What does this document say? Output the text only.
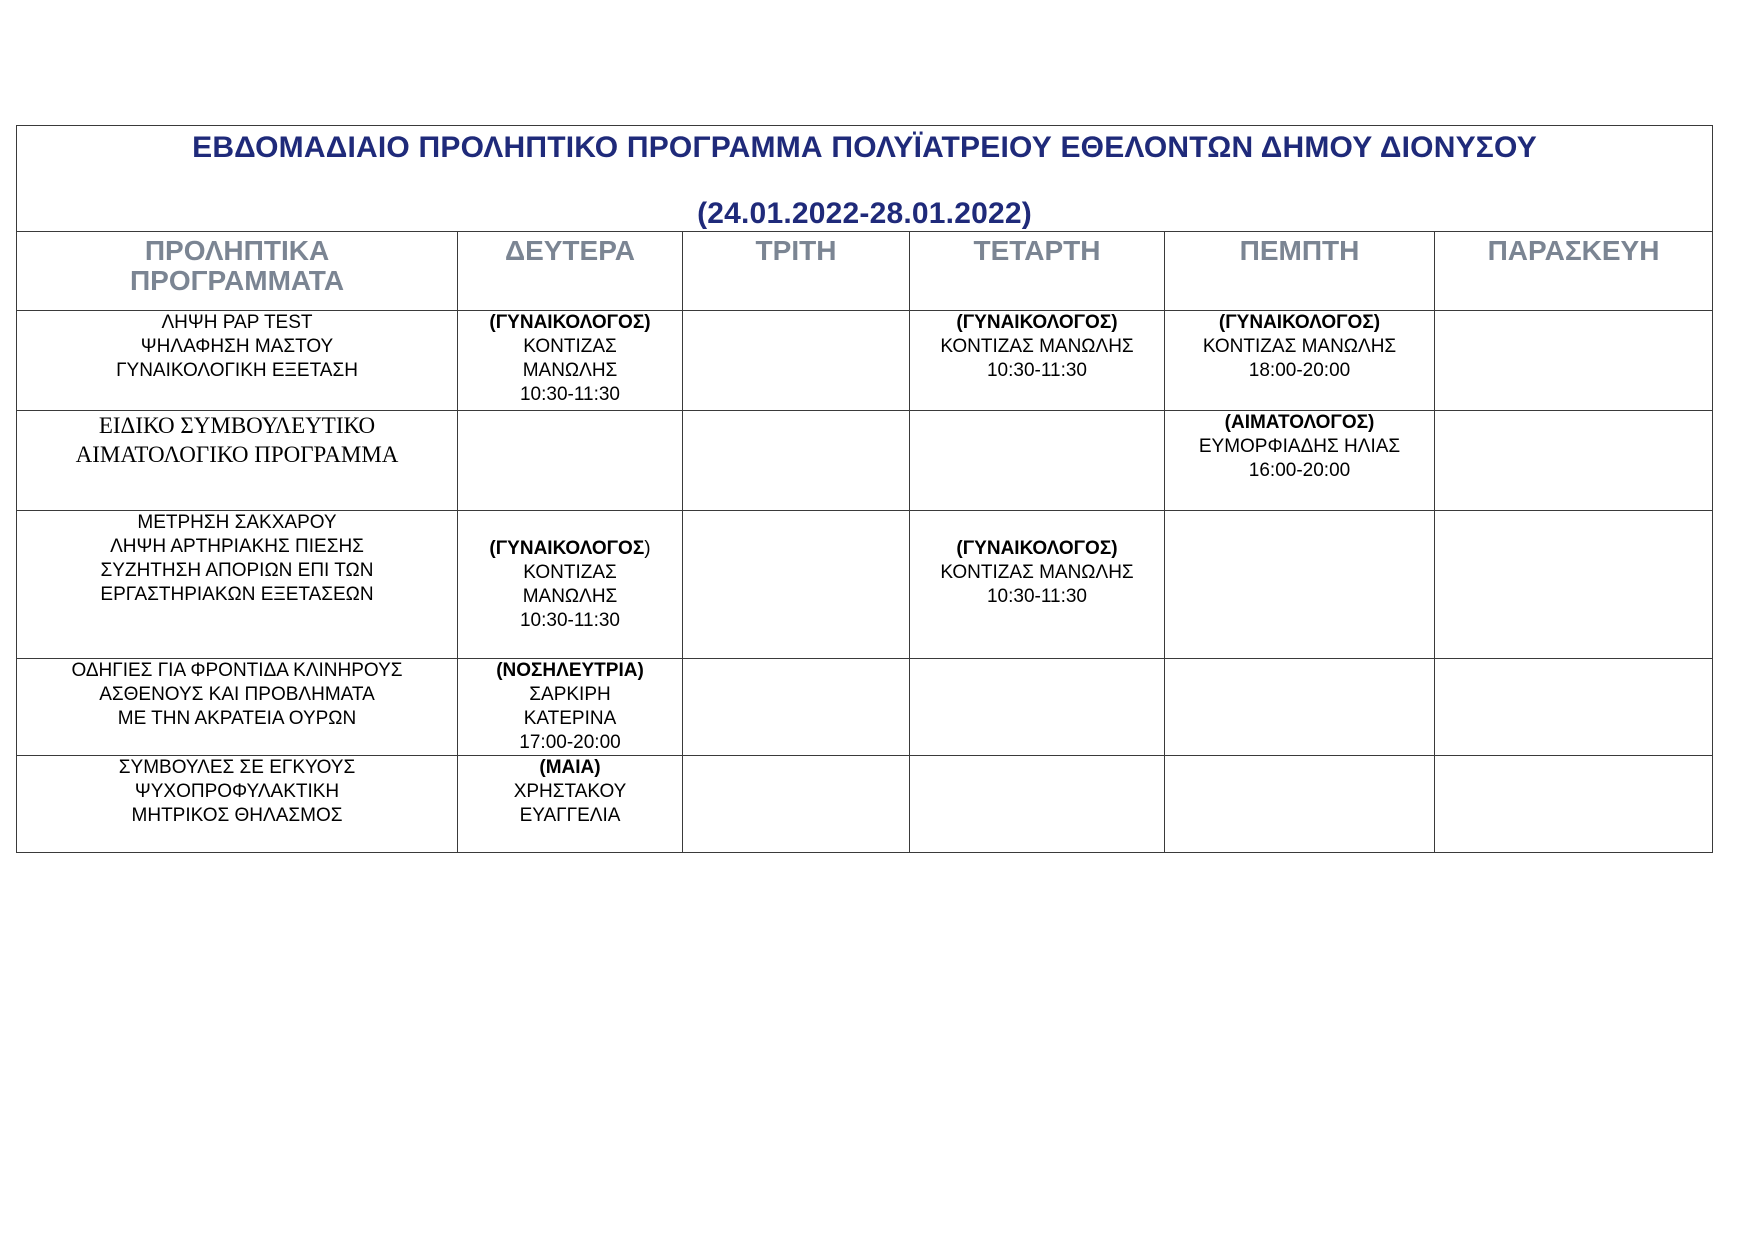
ΕΒΔΟΜΑΔΙΑΙΟ ΠΡΟΛΗΠΤΙΚΟ ΠΡΟΓΡΑΜΜΑ ΠΟΛΥΪΑΤΡΕΙΟΥ ΕΘΕΛΟΝΤΩΝ ΔΗΜΟΥ ΔΙΟΝΥΣΟΥ
(24.01.2022-28.01.2022)					

ΠΡΟΛΗΠΤΙΚΑ
ΠΡΟΓΡΑΜΜΑΤΑ	ΔΕΥΤΕΡΑ	ΤΡΙΤΗ	ΤΕΤΑΡΤΗ	ΠΕΜΠΤΗ	ΠΑΡΑΣΚΕΥΗ

ΛΗΨΗ PAP TEST
ΨΗΛΑΦΗΣΗ ΜΑΣΤΟΥ
ΓΥΝΑΙΚΟΛΟΓΙΚΗ ΕΞΕΤΑΣΗ	(ΓΥΝΑΙΚΟΛΟΓΟΣ)
ΚΟΝΤΙΖΑΣ
ΜΑΝΩΛΗΣ
10:30-11:30		(ΓΥΝΑΙΚΟΛΟΓΟΣ)
ΚΟΝΤΙΖΑΣ ΜΑΝΩΛΗΣ
10:30-11:30	(ΓΥΝΑΙΚΟΛΟΓΟΣ)
ΚΟΝΤΙΖΑΣ ΜΑΝΩΛΗΣ
18:00-20:00	

ΕΙΔΙΚΟ ΣΥΜΒΟΥΛΕΥΤΙΚΟ
ΑΙΜΑΤΟΛΟΓΙΚΟ ΠΡΟΓΡΑΜΜΑ				(ΑΙΜΑΤΟΛΟΓΟΣ)
ΕΥΜΟΡΦΙΑΔΗΣ ΗΛΙΑΣ
16:00-20:00	

ΜΕΤΡΗΣΗ ΣΑΚΧΑΡΟΥ
ΛΗΨΗ ΑΡΤΗΡΙΑΚΗΣ ΠΙΕΣΗΣ
ΣΥΖΗΤΗΣΗ ΑΠΟΡΙΩΝ ΕΠΙ ΤΩΝ
ΕΡΓΑΣΤΗΡΙΑΚΩΝ ΕΞΕΤΑΣΕΩΝ	(ΓΥΝΑΙΚΟΛΟΓΟΣ)
ΚΟΝΤΙΖΑΣ
ΜΑΝΩΛΗΣ
10:30-11:30		(ΓΥΝΑΙΚΟΛΟΓΟΣ)
ΚΟΝΤΙΖΑΣ ΜΑΝΩΛΗΣ
10:30-11:30		

ΟΔΗΓΙΕΣ ΓΙΑ ΦΡΟΝΤΙΔΑ ΚΛΙΝΗΡΟΥΣ
ΑΣΘΕΝΟΥΣ ΚΑΙ ΠΡΟΒΛΗΜΑΤΑ
ΜΕ ΤΗΝ ΑΚΡΑΤΕΙΑ ΟΥΡΩΝ	(ΝΟΣΗΛΕΥΤΡΙΑ)
ΣΑΡΚΙΡΗ
ΚΑΤΕΡΙΝΑ
17:00-20:00				

ΣΥΜΒΟΥΛΕΣ ΣΕ ΕΓΚΥΟΥΣ
ΨΥΧΟΠΡΟΦΥΛΑΚΤΙΚΗ
ΜΗΤΡΙΚΟΣ ΘΗΛΑΣΜΟΣ	(ΜΑΙΑ)
ΧΡΗΣΤΑΚΟΥ
ΕΥΑΓΓΕΛΙΑ				
